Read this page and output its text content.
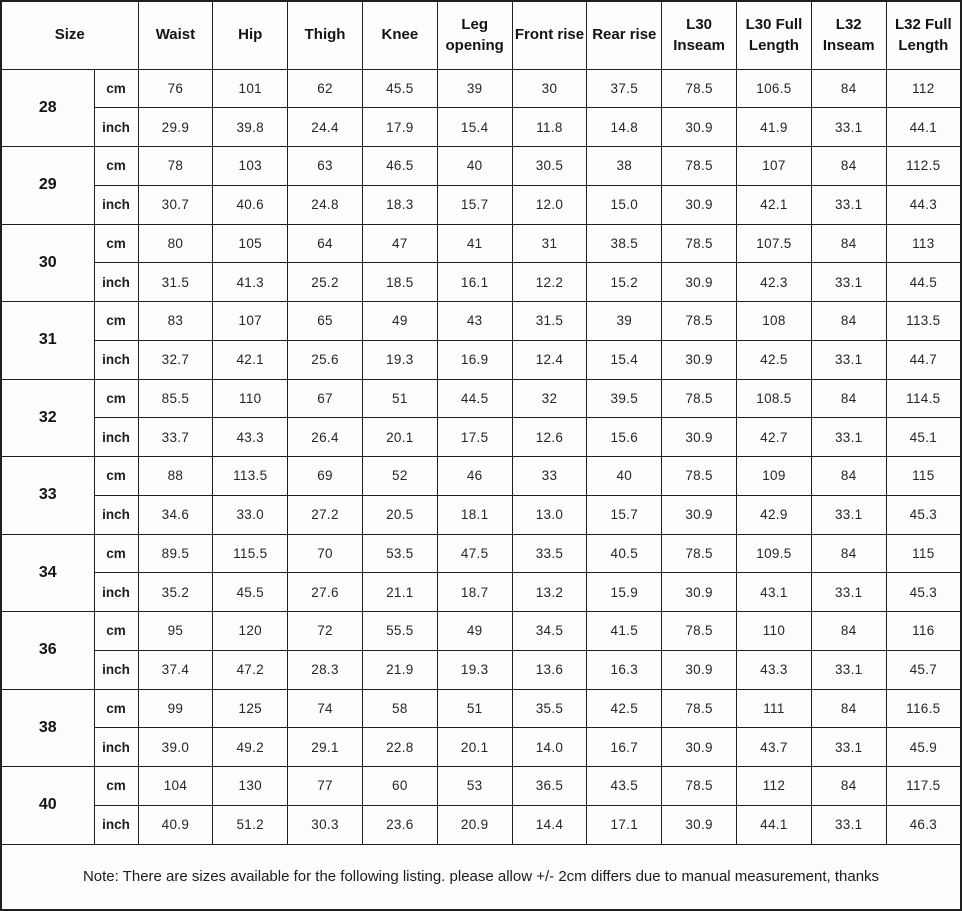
Size		Waist	Hip	Thigh	Knee	Leg opening	Front rise	Rear rise	L30 Inseam	L30 Full Length	L32 Inseam	L32 Full Length
28	cm	76	101	62	45.5	39	30	37.5	78.5	106.5	84	112
	inch	29.9	39.8	24.4	17.9	15.4	11.8	14.8	30.9	41.9	33.1	44.1
29	cm	78	103	63	46.5	40	30.5	38	78.5	107	84	112.5
	inch	30.7	40.6	24.8	18.3	15.7	12.0	15.0	30.9	42.1	33.1	44.3
30	cm	80	105	64	47	41	31	38.5	78.5	107.5	84	113
	inch	31.5	41.3	25.2	18.5	16.1	12.2	15.2	30.9	42.3	33.1	44.5
31	cm	83	107	65	49	43	31.5	39	78.5	108	84	113.5
	inch	32.7	42.1	25.6	19.3	16.9	12.4	15.4	30.9	42.5	33.1	44.7
32	cm	85.5	110	67	51	44.5	32	39.5	78.5	108.5	84	114.5
	inch	33.7	43.3	26.4	20.1	17.5	12.6	15.6	30.9	42.7	33.1	45.1
33	cm	88	113.5	69	52	46	33	40	78.5	109	84	115
	inch	34.6	33.0	27.2	20.5	18.1	13.0	15.7	30.9	42.9	33.1	45.3
34	cm	89.5	115.5	70	53.5	47.5	33.5	40.5	78.5	109.5	84	115
	inch	35.2	45.5	27.6	21.1	18.7	13.2	15.9	30.9	43.1	33.1	45.3
36	cm	95	120	72	55.5	49	34.5	41.5	78.5	110	84	116
	inch	37.4	47.2	28.3	21.9	19.3	13.6	16.3	30.9	43.3	33.1	45.7
38	cm	99	125	74	58	51	35.5	42.5	78.5	111	84	116.5
	inch	39.0	49.2	29.1	22.8	20.1	14.0	16.7	30.9	43.7	33.1	45.9
40	cm	104	130	77	60	53	36.5	43.5	78.5	112	84	117.5
	inch	40.9	51.2	30.3	23.6	20.9	14.4	17.1	30.9	44.1	33.1	46.3
Note: There are sizes available for the following listing. please allow +/- 2cm differs due to manual measurement, thanks												
